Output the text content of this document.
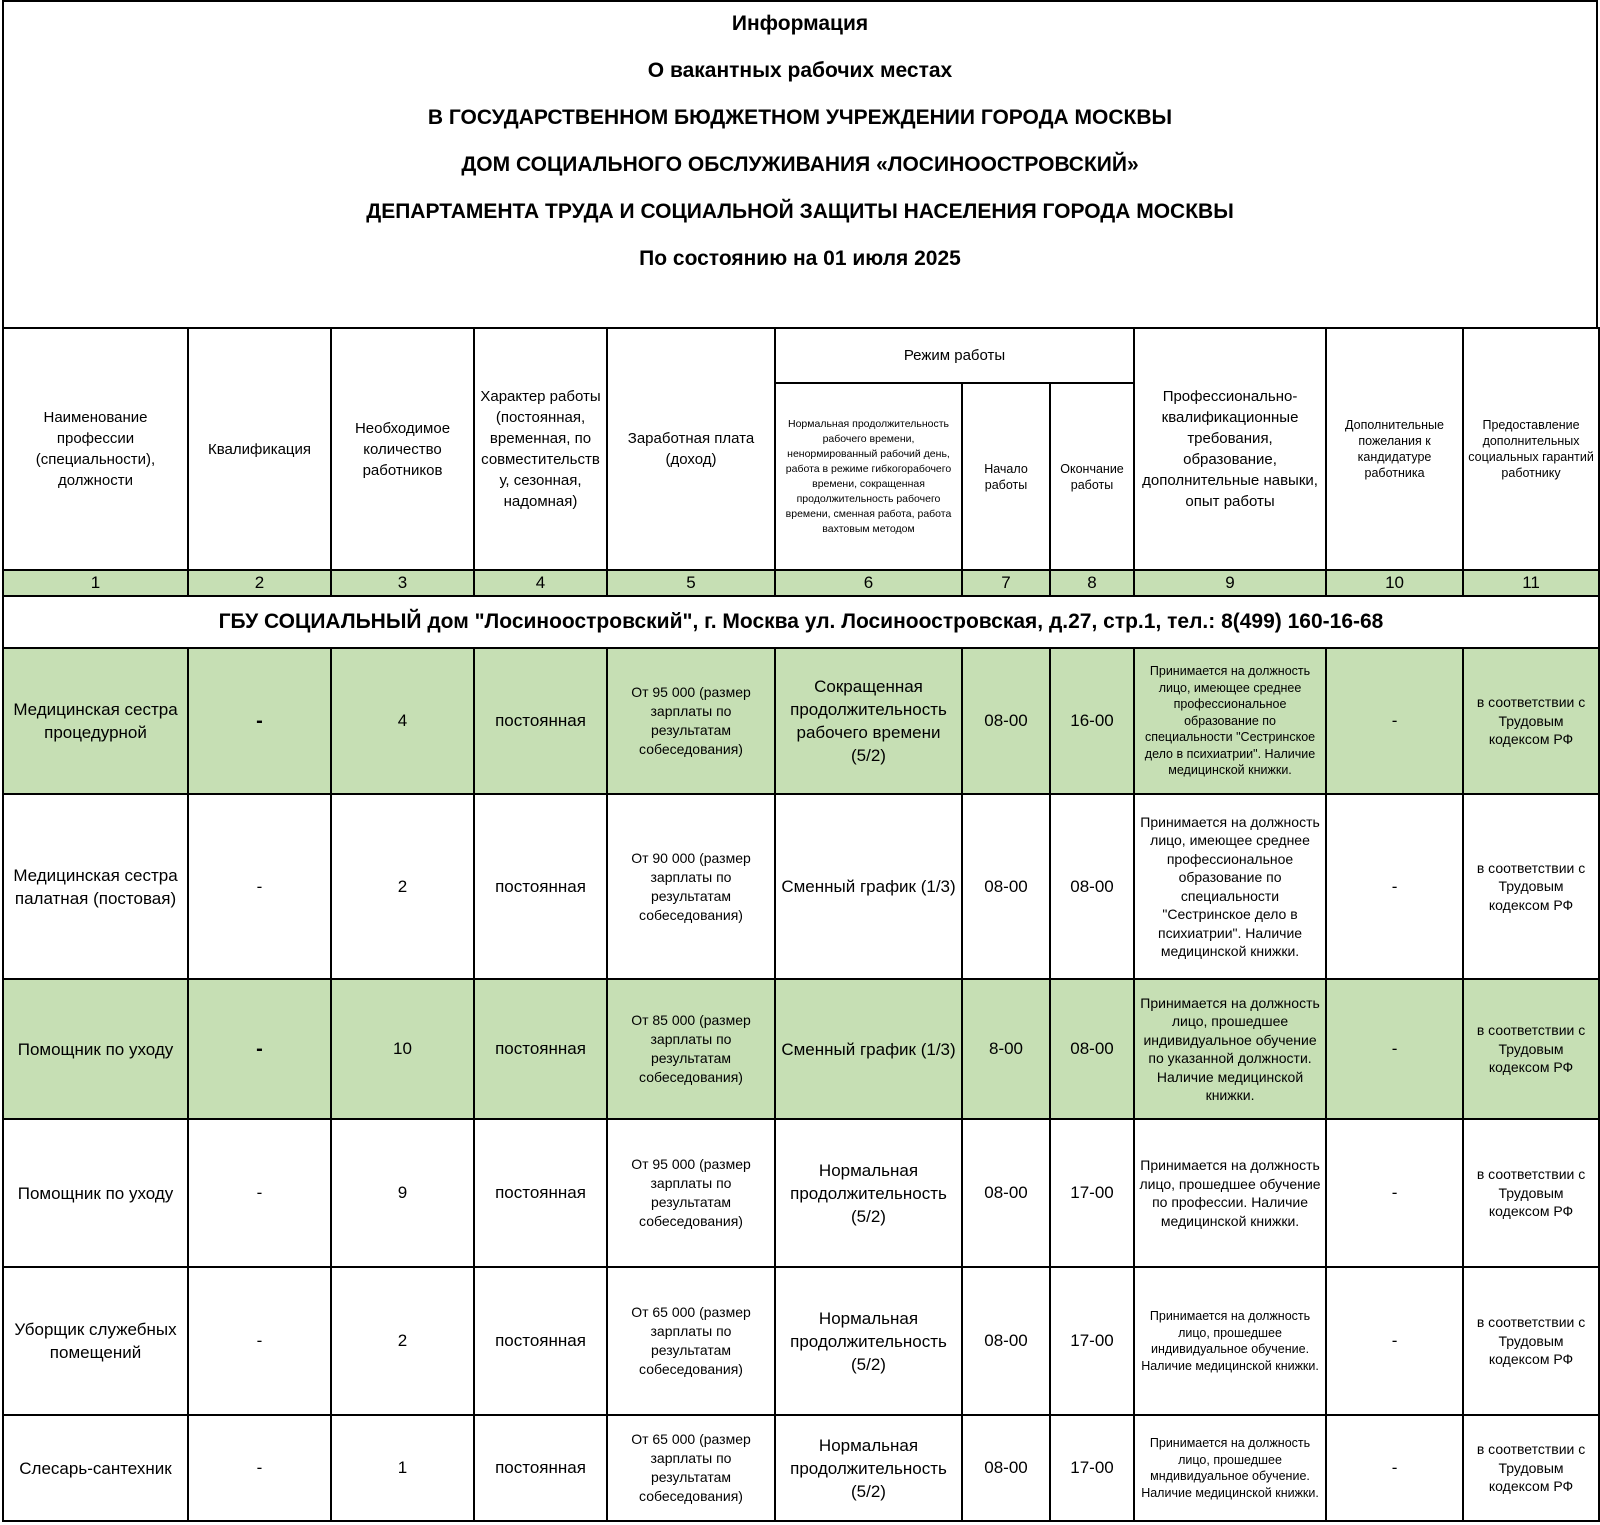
Информация
О вакантных рабочих местах
В ГОСУДАРСТВЕННОМ БЮДЖЕТНОМ УЧРЕЖДЕНИИ ГОРОДА МОСКВЫ
ДОМ СОЦИАЛЬНОГО ОБСЛУЖИВАНИЯ «ЛОСИНООСТРОВСКИЙ»
ДЕПАРТАМЕНТА ТРУДА И СОЦИАЛЬНОЙ ЗАЩИТЫ НАСЕЛЕНИЯ ГОРОДА МОСКВЫ
По состоянию на 01 июля 2025
Наименование профессии (специальности), должности	Квалификация	Необходимое количество работников	Характер работы (постоянная, временная, по совместительству, сезонная, надомная)	Заработная плата (доход)	Режим работы			Профессионально-квалификационные требования, образование, дополнительные навыки, опыт работы	Дополнительные пожелания к кандидатуре работника	Предоставление дополнительных социальных гарантий работнику
					Нормальная продолжительность рабочего времени, ненормированный рабочий день, работа в режиме гибкогорабочего времени, сокращенная продолжительность рабочего времени, сменная работа, работа вахтовым методом	Начало работы	Окончание работы			
1	2	3	4	5	6	7	8	9	10	11
ГБУ СОЦИАЛЬНЫЙ дом "Лосиноостровский", г. Москва ул. Лосиноостровская, д.27, стр.1, тел.: 8(499) 160-16-68										
Медицинская сестра процедурной	-	4	постоянная	От 95 000 (размер зарплаты по результатам собеседования)	Сокращенная продолжительность рабочего времени (5/2)	08-00	16-00	Принимается на должность лицо, имеющее среднее профессиональное образование по специальности "Сестринское дело в психиатрии". Наличие медицинской книжки.	-	в соответствии с Трудовым кодексом РФ
Медицинская сестра палатная (постовая)	-	2	постоянная	От 90 000 (размер зарплаты по результатам собеседования)	Сменный график (1/3)	08-00	08-00	Принимается на должность лицо, имеющее среднее профессиональное образование по специальности "Сестринское дело в психиатрии". Наличие медицинской книжки.	-	в соответствии с Трудовым кодексом РФ
Помощник по уходу	-	10	постоянная	От 85 000 (размер зарплаты по результатам собеседования)	Сменный график (1/3)	8-00	08-00	Принимается на должность лицо, прошедшее индивидуальное обучение по указанной должности. Наличие медицинской книжки.	-	в соответствии с Трудовым кодексом РФ
Помощник по уходу	-	9	постоянная	От 95 000 (размер зарплаты по результатам собеседования)	Нормальная продолжительность (5/2)	08-00	17-00	Принимается на должность лицо, прошедшее обучение по профессии. Наличие медицинской книжки.	-	в соответствии с Трудовым кодексом РФ
Уборщик служебных помещений	-	2	постоянная	От 65 000 (размер зарплаты по результатам собеседования)	Нормальная продолжительность (5/2)	08-00	17-00	Принимается на должность лицо, прошедшее индивидуальное обучение. Наличие медицинской книжки.	-	в соответствии с Трудовым кодексом РФ
Слесарь-сантехник	-	1	постоянная	От 65 000 (размер зарплаты по результатам собеседования)	Нормальная продолжительность (5/2)	08-00	17-00	Принимается на должность лицо, прошедшее мндивидуальное обучение. Наличие медицинской книжки.	-	в соответствии с Трудовым кодексом РФ
